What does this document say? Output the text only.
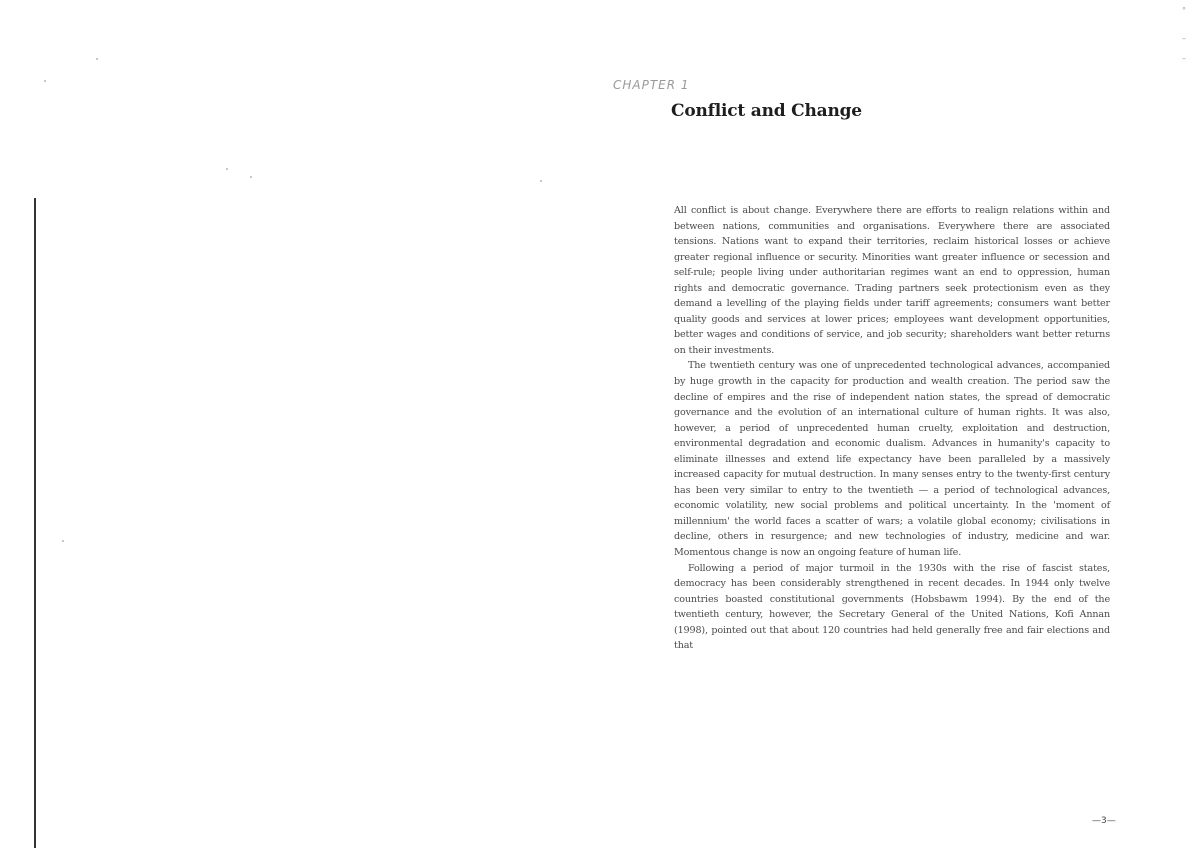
°
–
–
CHAPTER 1
Conflict and Change

All conflict is about change. Everywhere there are efforts to realign relations within and between nations, communities and organisations. Everywhere there are associated tensions. Nations want to expand their territories, reclaim historical losses or achieve greater regional influence or security. Minorities want greater influence or secession and self-rule; people living under authoritarian regimes want an end to oppression, human rights and democratic governance. Trading partners seek protectionism even as they demand a levelling of the playing fields under tariff agreements; consumers want better quality goods and services at lower prices; employees want development opportunities, better wages and conditions of service, and job security; shareholders want better returns on their investments.

The twentieth century was one of unprecedented technological advances, accompanied by huge growth in the capacity for production and wealth creation. The period saw the decline of empires and the rise of independent nation states, the spread of democratic governance and the evolution of an international culture of human rights. It was also, however, a period of unprecedented human cruelty, exploitation and destruction, environmental degradation and economic dualism. Advances in humanity's capacity to eliminate illnesses and extend life expectancy have been paralleled by a massively increased capacity for mutual destruction. In many senses entry to the twenty-first century has been very similar to entry to the twentieth — a period of technological advances, economic volatility, new social problems and political uncertainty. In the 'moment of millennium' the world faces a scatter of wars; a volatile global economy; civilisations in decline, others in resurgence; and new technologies of industry, medicine and war. Momentous change is now an ongoing feature of human life.

Following a period of major turmoil in the 1930s with the rise of fascist states, democracy has been considerably strengthened in recent decades. In 1944 only twelve countries boasted constitutional governments (Hobsbawm 1994). By the end of the twentieth century, however, the Secretary General of the United Nations, Kofi Annan (1998), pointed out that about 120 countries had held generally free and fair elections and that

—3—
